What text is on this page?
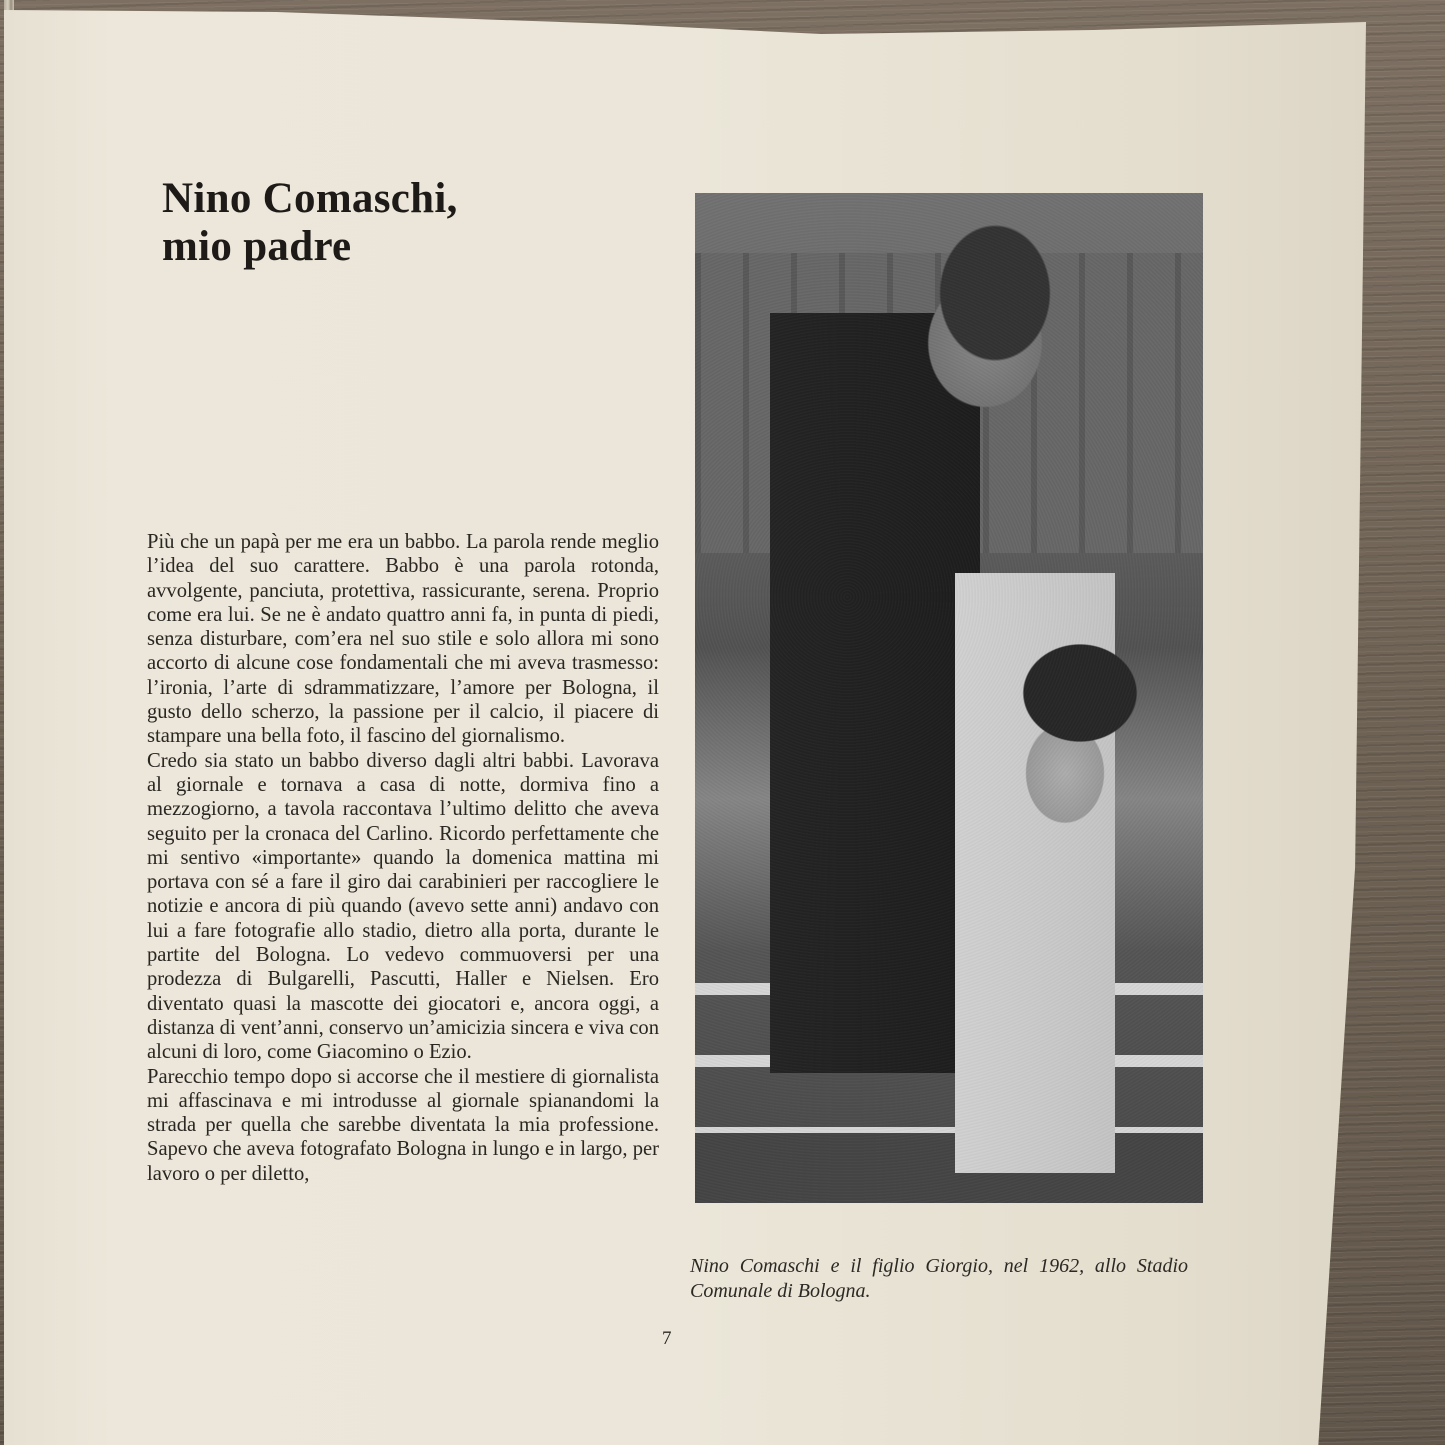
Nino Comaschi,
mio padre

Più che un papà per me era un babbo. La parola rende meglio l’idea del suo carattere. Babbo è una parola rotonda, avvolgente, panciuta, protettiva, rassicurante, serena. Proprio come era lui. Se ne è andato quattro anni fa, in punta di piedi, senza disturbare, com’era nel suo stile e solo allora mi sono accorto di alcune cose fondamentali che mi aveva trasmesso: l’ironia, l’arte di sdrammatizzare, l’amore per Bologna, il gusto dello scherzo, la passione per il calcio, il piacere di stampare una bella foto, il fascino del giornalismo.

Credo sia stato un babbo diverso dagli altri babbi. Lavorava al giornale e tornava a casa di notte, dormiva fino a mezzogiorno, a tavola raccontava l’ultimo delitto che aveva seguito per la cronaca del Carlino. Ricordo perfettamente che mi sentivo «importante» quando la domenica mattina mi portava con sé a fare il giro dai carabinieri per raccogliere le notizie e ancora di più quando (avevo sette anni) andavo con lui a fare fotografie allo stadio, dietro alla porta, durante le partite del Bologna. Lo vedevo commuoversi per una prodezza di Bulgarelli, Pascutti, Haller e Nielsen. Ero diventato quasi la mascotte dei giocatori e, ancora oggi, a distanza di vent’anni, conservo un’amicizia sincera e viva con alcuni di loro, come Giacomino o Ezio.

Parecchio tempo dopo si accorse che il mestiere di giornalista mi affascinava e mi introdusse al giornale spianandomi la strada per quella che sarebbe diventata la mia professione. Sapevo che aveva fotografato Bologna in lungo e in largo, per lavoro o per diletto,

Nino Comaschi e il figlio Giorgio, nel 1962, allo Stadio Comunale di Bologna.
7
